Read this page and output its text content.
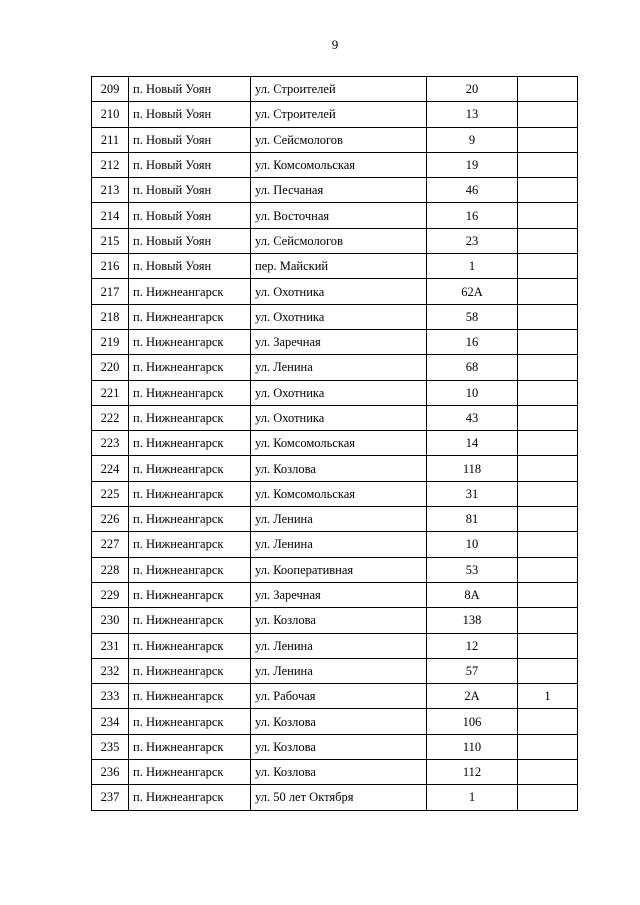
9
209	п. Новый Уоян	ул. Строителей	20	
210	п. Новый Уоян	ул. Строителей	13	
211	п. Новый Уоян	ул. Сейсмологов	9	
212	п. Новый Уоян	ул. Комсомольская	19	
213	п. Новый Уоян	ул. Песчаная	46	
214	п. Новый Уоян	ул. Восточная	16	
215	п. Новый Уоян	ул. Сейсмологов	23	
216	п. Новый Уоян	пер. Майский	1	
217	п. Нижнеангарск	ул. Охотника	62А	
218	п. Нижнеангарск	ул. Охотника	58	
219	п. Нижнеангарск	ул. Заречная	16	
220	п. Нижнеангарск	ул. Ленина	68	
221	п. Нижнеангарск	ул. Охотника	10	
222	п. Нижнеангарск	ул. Охотника	43	
223	п. Нижнеангарск	ул. Комсомольская	14	
224	п. Нижнеангарск	ул. Козлова	118	
225	п. Нижнеангарск	ул. Комсомольская	31	
226	п. Нижнеангарск	ул. Ленина	81	
227	п. Нижнеангарск	ул. Ленина	10	
228	п. Нижнеангарск	ул. Кооперативная	53	
229	п. Нижнеангарск	ул. Заречная	8А	
230	п. Нижнеангарск	ул. Козлова	138	
231	п. Нижнеангарск	ул. Ленина	12	
232	п. Нижнеангарск	ул. Ленина	57	
233	п. Нижнеангарск	ул. Рабочая	2А	1
234	п. Нижнеангарск	ул. Козлова	106	
235	п. Нижнеангарск	ул. Козлова	110	
236	п. Нижнеангарск	ул. Козлова	112	
237	п. Нижнеангарск	ул. 50 лет Октября	1	
